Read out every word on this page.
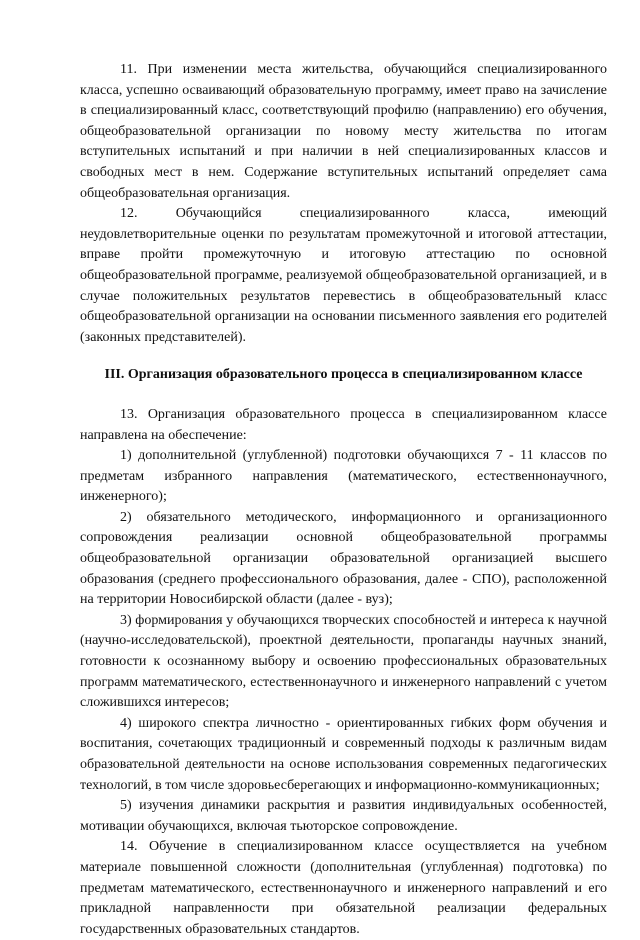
11. При изменении места жительства, обучающийся специализированного класса, успешно осваивающий образовательную программу, имеет право на зачисление в специализированный класс, соответствующий профилю (направлению) его обучения, общеобразовательной организации по новому месту жительства по итогам вступительных испытаний и при наличии в ней специализированных классов и свободных мест в нем. Содержание вступительных испытаний определяет сама общеобразовательная организация.

12. Обучающийся специализированного класса, имеющий неудовлетворительные оценки по результатам промежуточной и итоговой аттестации, вправе пройти промежуточную и итоговую аттестацию по основной общеобразовательной программе, реализуемой общеобразовательной организацией, и в случае положительных результатов перевестись в общеобразовательный класс общеобразовательной организации на основании письменного заявления его родителей (законных представителей).

III. Организация образовательного процесса в специализированном классе

13. Организация образовательного процесса в специализированном классе направлена на обеспечение:

1) дополнительной (углубленной) подготовки обучающихся 7 - 11 классов по предметам избранного направления (математического, естественнонаучного, инженерного);

2) обязательного методического, информационного и организационного сопровождения реализации основной общеобразовательной программы общеобразовательной организации образовательной организацией высшего образования (среднего профессионального образования, далее - СПО), расположенной на территории Новосибирской области (далее - вуз);

3) формирования у обучающихся творческих способностей и интереса к научной (научно-исследовательской), проектной деятельности, пропаганды научных знаний, готовности к осознанному выбору и освоению профессиональных образовательных программ математического, естественнонаучного и инженерного направлений с учетом сложившихся интересов;

4) широкого спектра личностно - ориентированных гибких форм обучения и воспитания, сочетающих традиционный и современный подходы к различным видам образовательной деятельности на основе использования современных педагогических технологий, в том числе здоровьесберегающих и информационно-коммуникационных;

5) изучения динамики раскрытия и развития индивидуальных особенностей, мотивации обучающихся, включая тьюторское сопровождение.

14. Обучение в специализированном классе осуществляется на учебном материале повышенной сложности (дополнительная (углубленная) подготовка) по предметам математического, естественнонаучного и инженерного направлений и его прикладной направленности при обязательной реализации федеральных государственных образовательных стандартов.
